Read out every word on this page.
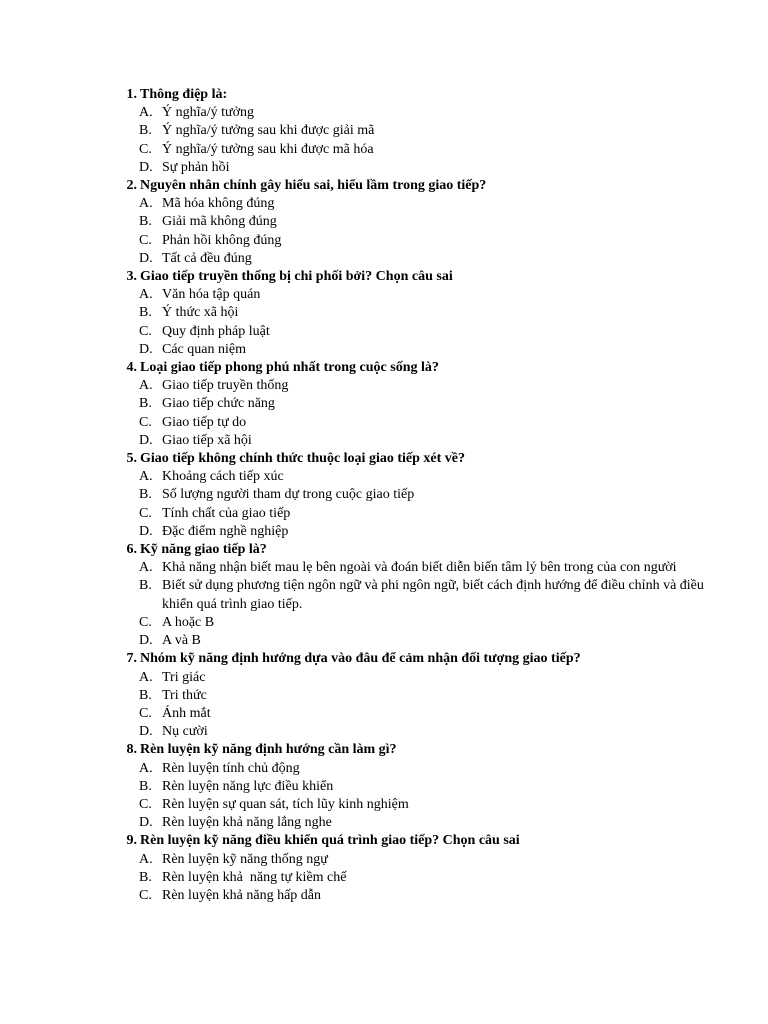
1. Thông điệp là:
A. Ý nghĩa/ý tưởng
B. Ý nghĩa/ý tưởng sau khi được giải mã
C. Ý nghĩa/ý tưởng sau khi được mã hóa
D. Sự phản hồi
2. Nguyên nhân chính gây hiểu sai, hiểu lầm trong giao tiếp?
A. Mã hóa không đúng
B. Giải mã không đúng
C. Phản hồi không đúng
D. Tất cả đều đúng
3. Giao tiếp truyền thống bị chi phối bởi? Chọn câu sai
A. Văn hóa tập quán
B. Ý thức xã hội
C. Quy định pháp luật
D. Các quan niệm
4. Loại giao tiếp phong phú nhất trong cuộc sống là?
A. Giao tiếp truyền thống
B. Giao tiếp chức năng
C. Giao tiếp tự do
D. Giao tiếp xã hội
5. Giao tiếp không chính thức thuộc loại giao tiếp xét về?
A. Khoảng cách tiếp xúc
B. Số lượng người tham dự trong cuộc giao tiếp
C. Tính chất của giao tiếp
D. Đặc điểm nghề nghiệp
6. Kỹ năng giao tiếp là?
A. Khả năng nhận biết mau lẹ bên ngoài và đoán biết diễn biến tâm lý bên trong của con người
B. Biết sử dụng phương tiện ngôn ngữ và phi ngôn ngữ, biết cách định hướng để điều chỉnh và điều khiển quá trình giao tiếp.
C. A hoặc B
D. A và B
7. Nhóm kỹ năng định hướng dựa vào đâu để cảm nhận đối tượng giao tiếp?
A. Tri giác
B. Tri thức
C. Ánh mắt
D. Nụ cười
8. Rèn luyện kỹ năng định hướng cần làm gì?
A. Rèn luyện tính chủ động
B. Rèn luyện năng lực điều khiển
C. Rèn luyện sự quan sát, tích lũy kinh nghiệm
D. Rèn luyện khả năng lắng nghe
9. Rèn luyện kỹ năng điều khiển quá trình giao tiếp? Chọn câu sai
A. Rèn luyện kỹ năng thống ngự
B. Rèn luyện khả  năng tự kiềm chế
C. Rèn luyện khả năng hấp dẫn
